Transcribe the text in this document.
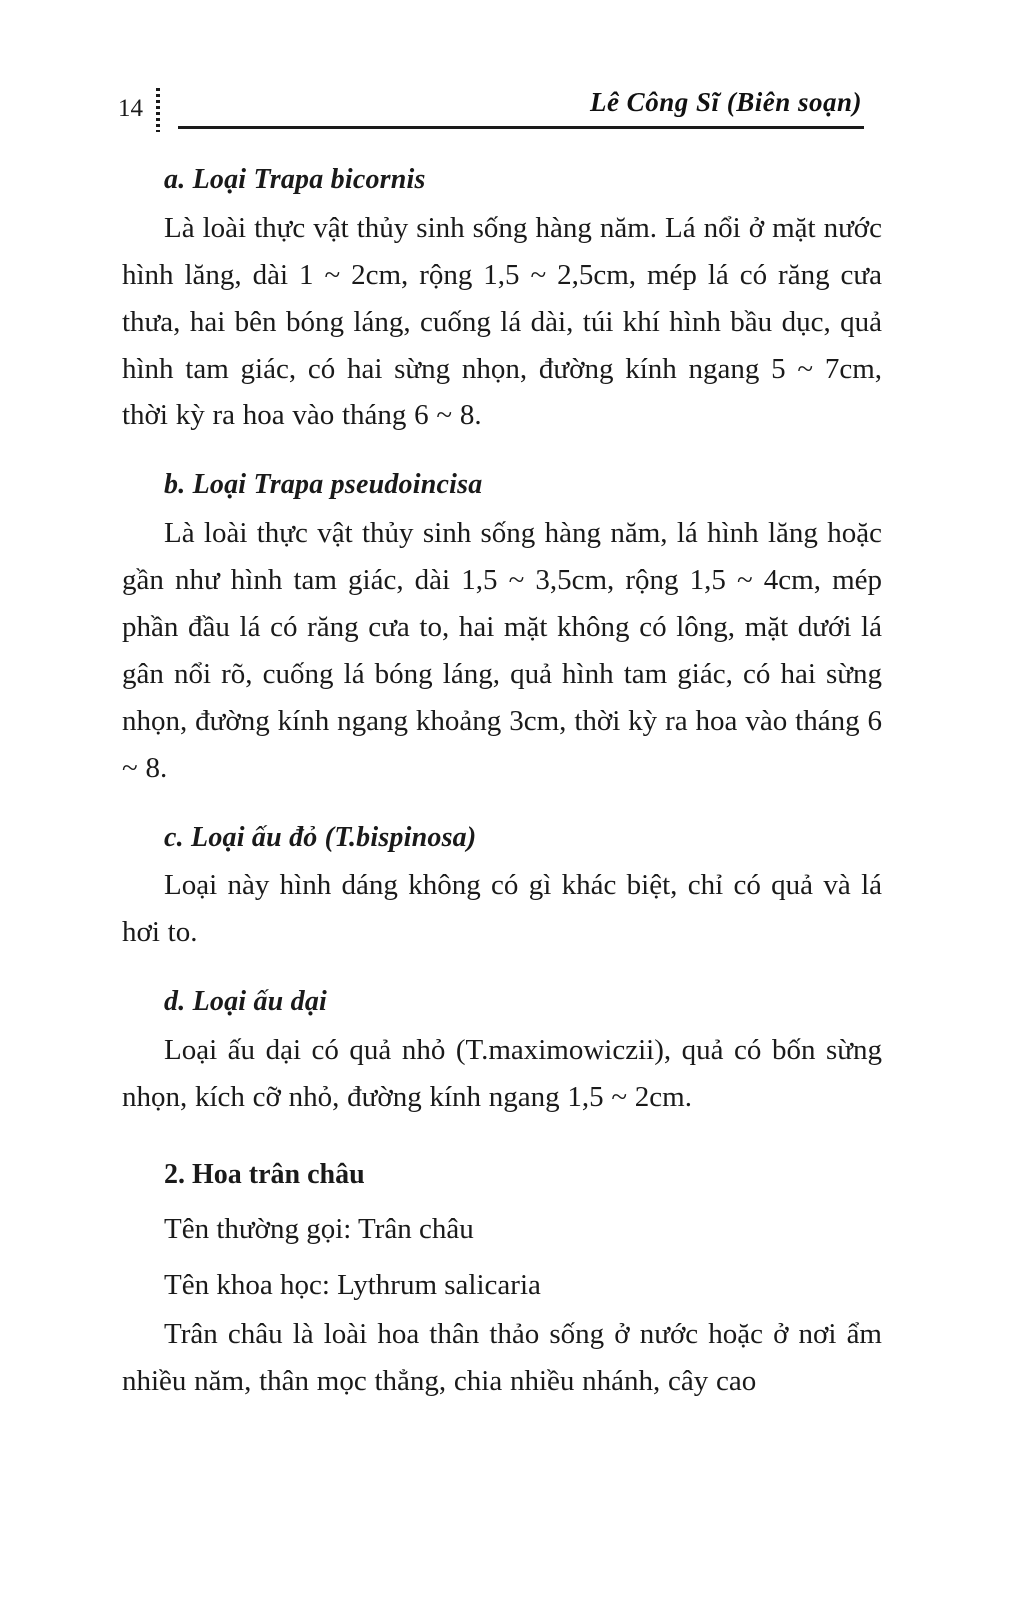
14	Lê Công Sĩ (Biên soạn)
a. Loại Trapa bicornis

Là loài thực vật thủy sinh sống hàng năm. Lá nổi ở mặt nước hình lăng, dài 1 ~ 2cm, rộng 1,5 ~ 2,5cm, mép lá có răng cưa thưa, hai bên bóng láng, cuống lá dài, túi khí hình bầu dục, quả hình tam giác, có hai sừng nhọn, đường kính ngang 5 ~ 7cm, thời kỳ ra hoa vào tháng 6 ~ 8.

b. Loại Trapa pseudoincisa

Là loài thực vật thủy sinh sống hàng năm, lá hình lăng hoặc gần như hình tam giác, dài 1,5 ~ 3,5cm, rộng 1,5 ~ 4cm, mép phần đầu lá có răng cưa to, hai mặt không có lông, mặt dưới lá gân nổi rõ, cuống lá bóng láng, quả hình tam giác, có hai sừng nhọn, đường kính ngang khoảng 3cm, thời kỳ ra hoa vào tháng 6 ~ 8.

c. Loại ấu đỏ (T.bispinosa)

Loại này hình dáng không có gì khác biệt, chỉ có quả và lá hơi to.

d. Loại ấu dại

Loại ấu dại có quả nhỏ (T.maximowiczii), quả có bốn sừng nhọn, kích cỡ nhỏ, đường kính ngang 1,5 ~ 2cm.

2. Hoa trân châu

Tên thường gọi: Trân châu

Tên khoa học: Lythrum salicaria

Trân châu là loài hoa thân thảo sống ở nước hoặc ở nơi ẩm nhiều năm, thân mọc thẳng, chia nhiều nhánh, cây cao
